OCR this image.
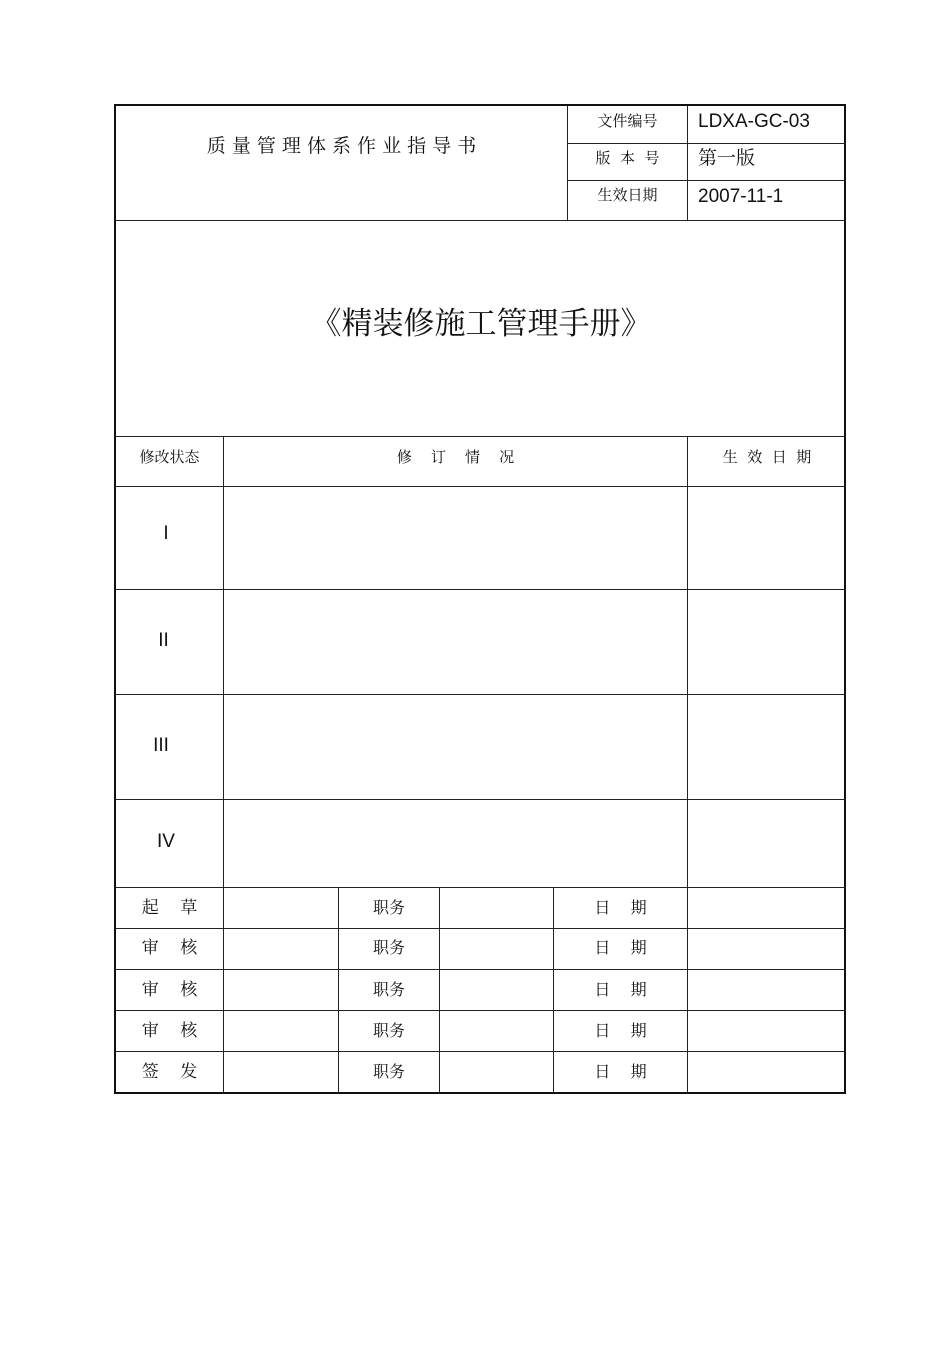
质 量 管 理 体 系 作 业 指 导 书
文件编号	LDXA-GC-03
版  本  号	第一版
生效日期	2007-11-1
《精装修施工管理手册》
修改状态	修    订    情    况	生  效  日  期
I
II
III
IV
起    草	职务	日    期
审    核	职务	日    期
审    核	职务	日    期
审    核	职务	日    期
签    发	职务	日    期
